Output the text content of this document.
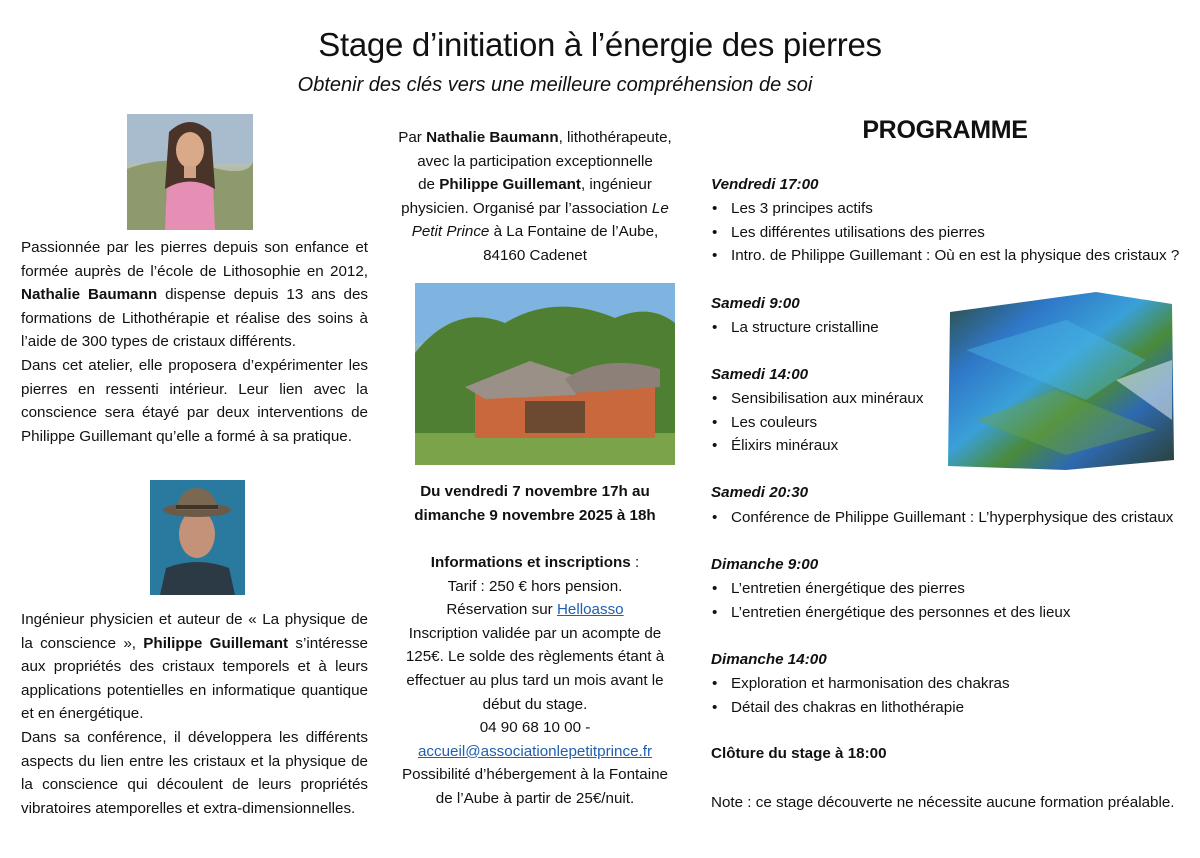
Stage d’initiation à l’énergie des pierres
Obtenir des clés vers une meilleure compréhension de soi

Passionnée par les pierres depuis son enfance et formée auprès de l’école de Lithosophie en 2012, Nathalie Baumann dispense depuis 13 ans des formations de Lithothérapie et réalise des soins à l’aide de 300 types de cristaux différents.

Dans cet atelier, elle proposera d’expérimenter les pierres en ressenti intérieur. Leur lien avec la conscience sera étayé par deux interventions de Philippe Guillemant qu’elle a formé à sa pratique.

Ingénieur physicien et auteur de « La physique de la conscience », Philippe Guillemant s’intéresse aux propriétés des cristaux temporels et à leurs applications potentielles en informatique quantique et en énergétique.

Dans sa conférence, il développera les différents aspects du lien entre les cristaux et la physique de la conscience qui découlent de leurs propriétés vibratoires atemporelles et extra-dimensionnelles.

Par Nathalie Baumann, lithothérapeute,
avec la participation exceptionnelle
de Philippe Guillemant, ingénieur
physicien. Organisé par l’association Le
Petit Prince à La Fontaine de l’Aube,
84160 Cadenet
Du vendredi 7 novembre 17h au
dimanche 9 novembre 2025 à 18h
Informations et inscriptions :
Tarif : 250 € hors pension.
Réservation sur Helloasso
Inscription validée par un acompte de
125€. Le solde des règlements étant à
effectuer au plus tard un mois avant le
début du stage.
04 90 68 10 00 -
accueil@associationlepetitprince.fr
Possibilité d’hébergement à la Fontaine
de l’Aube à partir de 25€/nuit.
PROGRAMME
Vendredi 17:00
• Les 3 principes actifs
• Les différentes utilisations des pierres
• Intro. de Philippe Guillemant : Où en est la physique des cristaux ?
Samedi 9:00
• La structure cristalline
Samedi 14:00
• Sensibilisation aux minéraux
• Les couleurs
• Élixirs minéraux
Samedi 20:30
• Conférence de Philippe Guillemant : L’hyperphysique des cristaux
Dimanche 9:00
• L’entretien énergétique des pierres
• L’entretien énergétique des personnes et des lieux
Dimanche 14:00
• Exploration et harmonisation des chakras
• Détail des chakras en lithothérapie
Clôture du stage à 18:00
Note : ce stage découverte ne nécessite aucune formation préalable.
